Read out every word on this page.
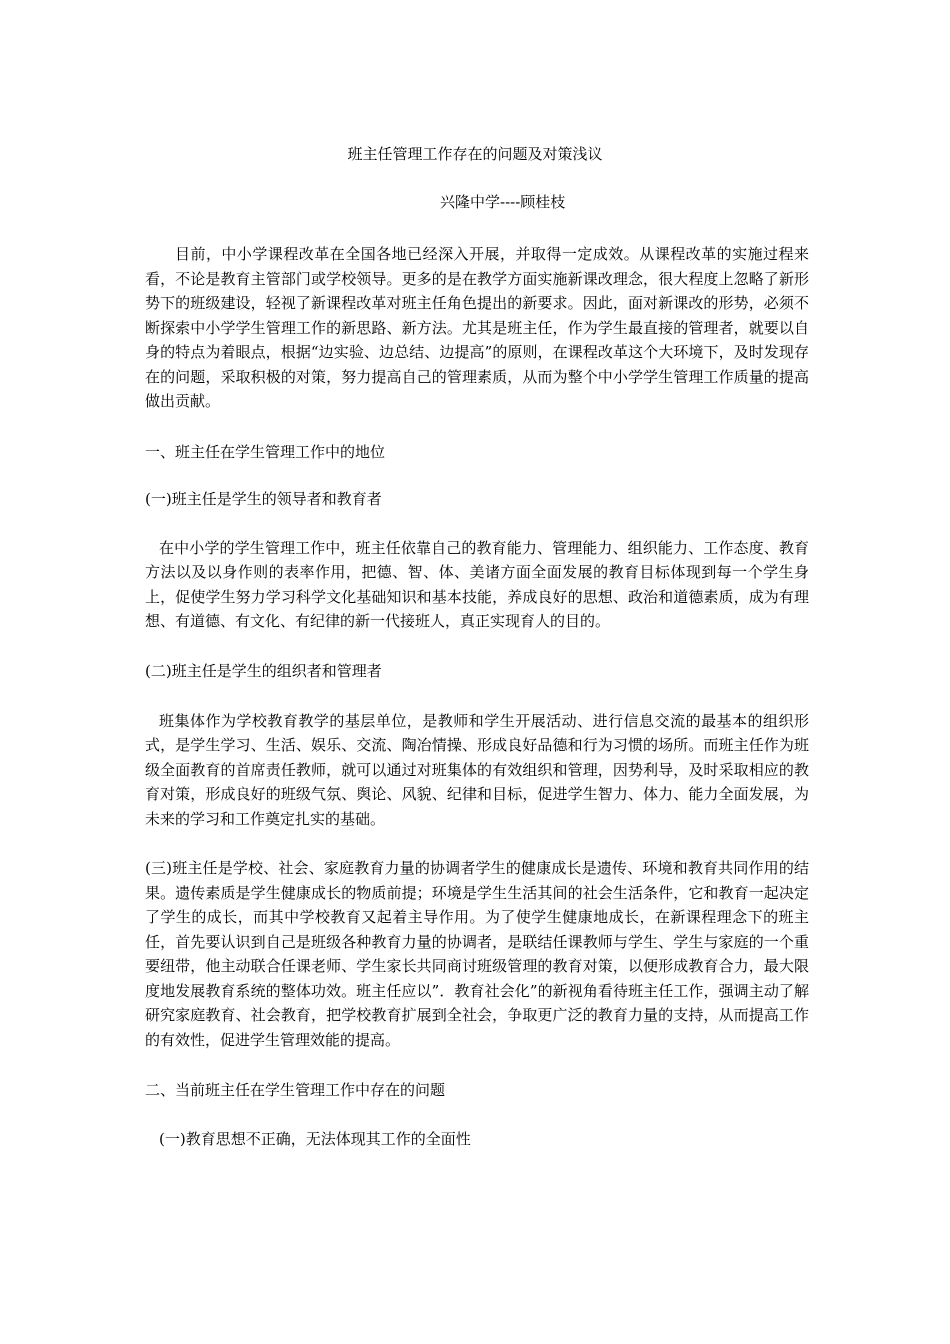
班主任管理工作存在的问题及对策浅议

兴隆中学----顾桂枝

目前，中小学课程改革在全国各地已经深入开展，并取得一定成效。从课程改革的实施过程来看，不论是教育主管部门或学校领导。更多的是在教学方面实施新课改理念，很大程度上忽略了新形势下的班级建设，轻视了新课程改革对班主任角色提出的新要求。因此，面对新课改的形势，必须不断探索中小学学生管理工作的新思路、新方法。尤其是班主任，作为学生最直接的管理者，就要以自身的特点为着眼点，根据“边实验、边总结、边提高”的原则，在课程改革这个大环境下，及时发现存在的问题，采取积极的对策，努力提高自己的管理素质，从而为整个中小学学生管理工作质量的提高做出贡献。

一、班主任在学生管理工作中的地位

(一)班主任是学生的领导者和教育者

在中小学的学生管理工作中，班主任依靠自己的教育能力、管理能力、组织能力、工作态度、教育方法以及以身作则的表率作用，把德、智、体、美诸方面全面发展的教育目标体现到每一个学生身上，促使学生努力学习科学文化基础知识和基本技能，养成良好的思想、政治和道德素质，成为有理想、有道德、有文化、有纪律的新一代接班人，真正实现育人的目的。

(二)班主任是学生的组织者和管理者

班集体作为学校教育教学的基层单位，是教师和学生开展活动、进行信息交流的最基本的组织形式，是学生学习、生活、娱乐、交流、陶冶情操、形成良好品德和行为习惯的场所。而班主任作为班级全面教育的首席责任教师，就可以通过对班集体的有效组织和管理，因势利导，及时采取相应的教育对策，形成良好的班级气氛、舆论、风貌、纪律和目标，促进学生智力、体力、能力全面发展，为未来的学习和工作奠定扎实的基础。

(三)班主任是学校、社会、家庭教育力量的协调者学生的健康成长是遗传、环境和教育共同作用的结果。遗传素质是学生健康成长的物质前提；环境是学生生活其间的社会生活条件，它和教育一起决定了学生的成长，而其中学校教育又起着主导作用。为了使学生健康地成长，在新课程理念下的班主任，首先要认识到自己是班级各种教育力量的协调者，是联结任课教师与学生、学生与家庭的一个重要纽带，他主动联合任课老师、学生家长共同商讨班级管理的教育对策，以便形成教育合力，最大限度地发展教育系统的整体功效。班主任应以”．教育社会化”的新视角看待班主任工作，强调主动了解研究家庭教育、社会教育，把学校教育扩展到全社会，争取更广泛的教育力量的支持，从而提高工作的有效性，促进学生管理效能的提高。

二、当前班主任在学生管理工作中存在的问题

(一)教育思想不正确，无法体现其工作的全面性
